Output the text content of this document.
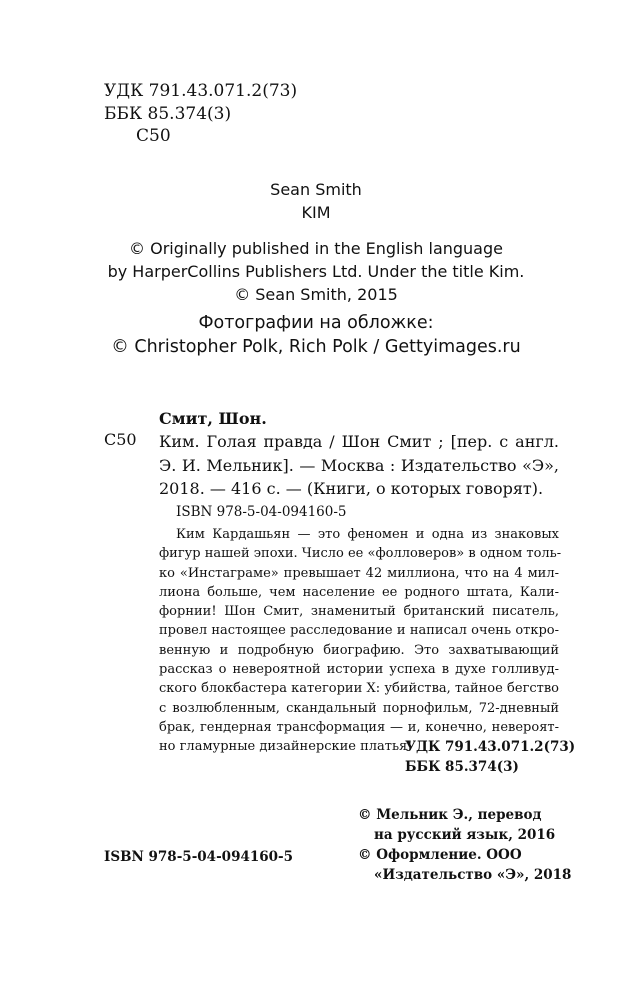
УДК 791.43.071.2(73)
ББК 85.374(3)
С50
Sean Smith
KIM
© Originally published in the English language
by HarperCollins Publishers Ltd. Under the title Kim.
© Sean Smith, 2015
Фотографии на обложке:
© Christopher Polk, Rich Polk / Gettyimages.ru
Смит, Шон.
С50 Ким. Голая правда / Шон Смит ; [пер. с англ.
Э. И. Мельник]. — Москва : Издательство «Э»,
2018. — 416 с. — (Книги, о которых говорят).
ISBN 978-5-04-094160-5
Ким Кардашьян — это феномен и одна из знаковых
фигур нашей эпохи. Число ее «фолловеров» в одном толь-
ко «Инстаграме» превышает 42 миллиона, что на 4 мил-
лиона больше, чем население ее родного штата, Кали-
форнии! Шон Смит, знаменитый британский писатель,
провел настоящее расследование и написал очень откро-
венную и подробную биографию. Это захватывающий
рассказ о невероятной истории успеха в духе голливуд-
ского блокбастера категории X: убийства, тайное бегство
с возлюбленным, скандальный порнофильм, 72-дневный
брак, гендерная трансформация — и, конечно, невероят-
но гламурные дизайнерские платья!
УДК 791.43.071.2(73)
ББК 85.374(3)
© Мельник Э., перевод
на русский язык, 2016
© Оформление. ООО
«Издательство «Э», 2018
ISBN 978-5-04-094160-5
